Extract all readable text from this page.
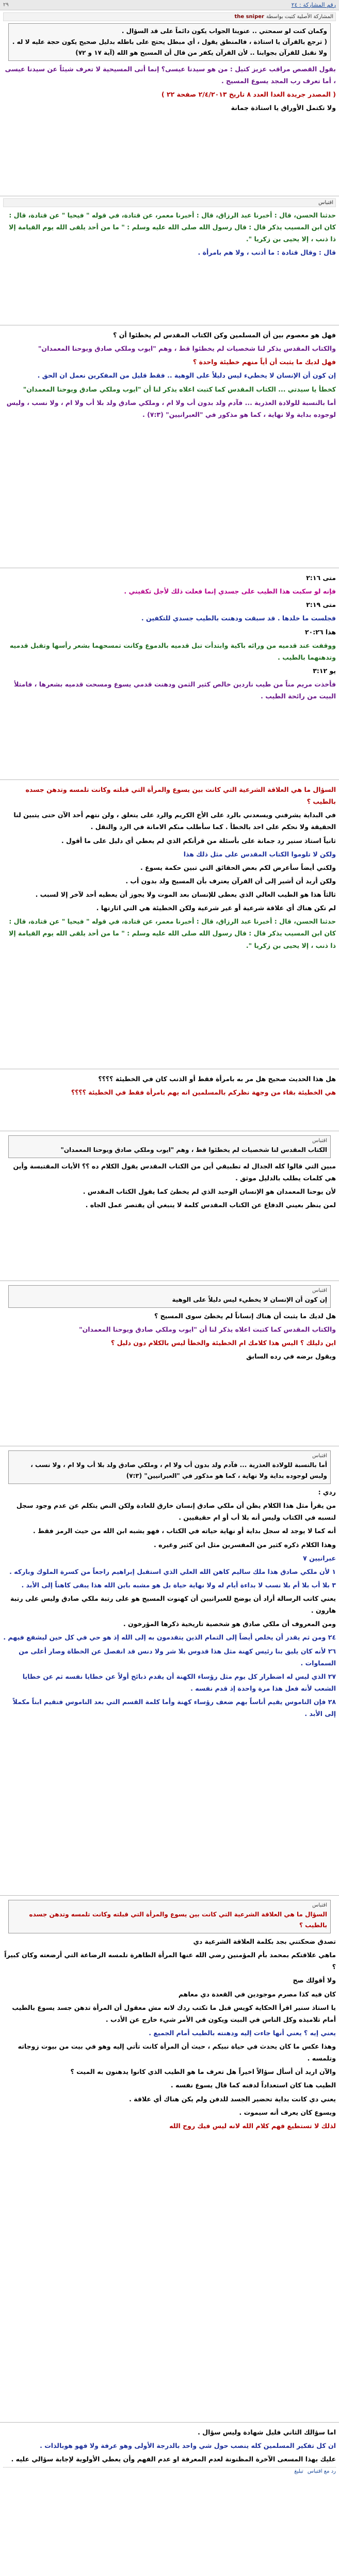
رقم المشاركة : ٢٤
٢٩
المشاركة الأصلية كتبت بواسطة
the sniper
وكمان كنت لو سمحتي .. عنوينا الجواب يكون دائماً على قد السؤال .
( ترجع بالقرآن يا استاذة ، فالمنطق يقول ، أي مبطل يحتج على باطله بدليل صحيح يكون حجة عليه لا له .
ولا نقبل للقرآن بجوابنا .. لأن القرآن يكفر من قال أن المسيح هو الله (آية ١٧ و ٧٢)
بقول القصص مراقب عزيز كتيل : من هو سيدنا عيسى؟ إنما أنى المسيحية لا تعرف شيئاً عن سيدنا عيسى ، أما تعرف رب المجد يسوع المسيح .
( المصدر جريدة الغدا العدد ٨ تاريخ ٢/٤/٢٠١٣ صفحة ٢٢ )
ولا تكتمل الأوراق يا استاذة جمانة
اقتباس
حدثنا الحسن، قال : أخبرنا عبد الرزاق، قال : أخبرنا معمر، عن قتادة، في قوله " فيحيا " عن قتادة، قال : كان ابن المسيب يذكر قال : قال رسول الله صلى الله عليه وسلم : " ما من أحد يلقى الله يوم القيامة إلا ذا ذنب ، إلا يحيى بن زكريا ".
قال : وقال قتادة : ما أذنب ، ولا هم بامرأة .
فهل هو معصوم بين أن المسلمين وكن الكتاب المقدس لم يخطئوا أن ؟
والكتاب المقدس يذكر لنا شخصيات لم يخطئوا قط ، وهم "ايوب وملكي صادق ويوحنا المعمدان"
فهل لديك ما يثبت أن أياً منهم خطيئة واحدة ؟
إن كون أن الإنسان لا يخطيء ليس دليلاً على الوهية .. فقط قليل من المفكرين نعمل ان الحق .
كخطأ يا سيدتي ... الكتاب المقدس كما كتبت اعلاه يذكر لنا أن "ايوب وملكي صادق ويوحنا المعمدان"
أما بالنسبة للولادة العذرية ... فآدم ولد بدون أب ولا ام ، وملكي صادق ولد بلا أب ولا ام ، ولا نسب ، وليس لوجوده بداية ولا نهاية ، كما هو مذكور في "العبرانيين" (٧:٣) .
متى ٢:١٦
فإنه لو سكبت هذا الطيب على جسدي إنما فعلت ذلك لأجل تكفيني .
متى ٢:١٩
فجلست ما خلدها . قد سبقت ودهنت بالطيب جسدي للتكفين .
هذا ٢٠:٢٦
ووقفت عند قدميه من ورائه باكية وابتدأت تبل قدميه بالدموع وكانت تمسحهما بشعر رأسها وتقبل قدميه وتدهنهما بالطيب .
يو ٣:١٢
فأخذت مريم مناً من طيب ناردين خالص كثير الثمن ودهنت قدمي يسوع ومسحت قدميه بشعرها ، فامتلأ البيت من رائحة الطيب .
السؤال ما هي العلاقة الشرعية التي كانت بين يسوع والمرأة التي قبلته وكانت تلمسه وتدهن جسده بالطيب ؟
في البداية يشرفني ويسعدني بالرد على الأخ الكريم والرد على يتعلق ، ولن نتهم أحد الآن حتى يتبين لنا الحقيقة ولا نحكم على احد بالخطأ . كما سأطلب منكم الامانة في الرد والنقل .
ثانياً استاذ سنير رد جمانة على بأسئلة من قرأنكم الذي لم يعطي أي دليل على ما أقول .
ولكن لا تلوموا الكتاب المقدس على مثل ذلك هذا
ولكني أيضاً سأعرض لكم بعض الحقائق التي تبين حكمة يسوع .
ولكن أريد أن أشير إلى أن القرآن يعترف بأن المسيح ولد بدون أب .
ثالثاً هذا هو الطيب العالي الذي يعطى للإنسان بعد الموت ولا يجوز أن يعطيه أحد لآخر إلا لسبب .
لم تكن هناك أي علاقة شرعية أو غير شرعية ولكن الخطيئة هي التي اثارتها .
حدثنا الحسن، قال : أخبرنا عبد الرزاق، قال : أخبرنا معمر، عن قتادة، في قوله " فيحيا " عن قتادة، قال : كان ابن المسيب يذكر قال : قال رسول الله صلى الله عليه وسلم : " ما من أحد يلقى الله يوم القيامة إلا ذا ذنب ، إلا يحيى بن زكريا ".
هل هذا الحديث صحيح هل مر به بامرأة فقط أو الذنب كان في الخطيئة ؟؟؟؟
هي الخطيئة بقاء من وجهة نظركم بالمسلمين انه يهم بامرأة فقط في الخطيئة ؟؟؟؟
اقتباس
الكتاب المقدس لنا شخصيات لم يخطئوا قط ، وهم "ايوب وملكي صادق ويوحنا المعمدان"
مبين التي قالوا كله الجدال له تطبيقي أين من الكتاب المقدس يقول الكلام ده ؟؟ الأيات المقتبسة وأين هي كلمات يطلب بالدليل موثق .
لأن يوحنا المعمدان هو الإنسان الوحيد الذي لم يخطئ كما يقول الكتاب المقدس .
لمن ينظر بعيني الدفاع عن الكتاب المقدس كلمة لا ينبغي أن يقتصر عمل الجاه .
اقتباس
إن كون أن الإنسان لا يخطيء ليس دليلاً على الوهية
هل لديك ما يثبت أن هناك إنساناً لم يخطئ سوى المسيح ؟
والكتاب المقدس كما كتبت اعلاه يذكر لنا أن "ايوب وملكي صادق ويوحنا المعمدان"
اين دليلك ؟ اليس هذا كلامك ام الخطيئة والخطأ ليس بالكلام دون دليل ؟
ويقول برضه في رده السابق
اقتباس
أما بالنسبة للولادة العذرية ... فآدم ولد بدون أب ولا ام ، وملكي صادق ولد بلا أب ولا ام ، ولا نسب ، وليس لوجوده بداية ولا نهاية ، كما هو مذكور في "العبرانيين" (٧:٣)
ردي :
من يقرأ مثل هذا الكلام يظن أن ملكي صادق إنسان خارق للعادة ولكن النص يتكلم عن عدم وجود سجل لنسبه في الكتاب وليس أنه بلا أب أو ام حقيقيين .
أنه كما لا يوجد له سجل بداية أو نهاية حياته في الكتاب ، فهو يشبه ابن الله من حيث الرمز فقط .
وهذا الكلام ذكره كثير من المفسرين مثل ابن كثير وغيره .
عبرانيين ٧
١ لأن ملكي صادق هذا ملك ساليم كاهن الله العلي الذي استقبل إبراهيم راجعاً من كسرة الملوك وباركه .
٣ بلا أب بلا أم بلا نسب لا بداءة أيام له ولا نهاية حياة بل هو مشبه بابن الله هذا يبقى كاهناً إلى الأبد .
يعني كاتب الرسالة أراد أن يوضح للعبرانيين أن كهنوت المسيح هو على رتبة ملكي صادق وليس على رتبة هارون .
ومن المعروف أن ملكي صادق هو شخصية تاريخية ذكرها المؤرخون .
٢٤ ومن ثم يقدر أن يخلص أيضاً إلى التمام الذين يتقدمون به إلى الله إذ هو حي في كل حين ليشفع فيهم .
٢٦ لأنه كان يليق بنا رئيس كهنة مثل هذا قدوس بلا شر ولا دنس قد انفصل عن الخطاة وصار أعلى من السماوات .
٢٧ الذي ليس له اضطرار كل يوم مثل رؤساء الكهنة أن يقدم ذبائح أولاً عن خطايا نفسه ثم عن خطايا الشعب لأنه فعل هذا مرة واحدة إذ قدم نفسه .
٢٨ فإن الناموس يقيم أناساً بهم ضعف رؤساء كهنة وأما كلمة القسم التي بعد الناموس فتقيم ابناً مكملاً إلى الأبد .
اقتباس
السؤال ما هي العلاقة الشرعية التي كانت بين يسوع والمرأة التي قبلته وكانت تلمسه وتدهن جسده بالطيب ؟
تصدق ضحكتني بجد بكلمة العلاقة الشرعية دي
ماهي علاقتكم بمحمد بأم المؤمنين رضي الله عنها المرأة الطاهرة تلمسه الرضاعة التي أرضعته وكان كبيراً ؟
ولا أقولك صح
كان فيه كذا مصرم موجودين في القعدة دي معاهم
يا استاذ سنير اقرأ الحكاية كويس قبل ما تكتب ردك لانه مش معقول أن المرأة تدهن جسد يسوع بالطيب أمام تلاميذه وكل الناس في البيت ويكون في الأمر شيء خارج عن الأدب .
يعني إيه ؟ يعني أنها جاءت إليه ودهنته بالطيب أمام الجميع .
وهذا عكس ما كان يحدث في حياة نبيكم ، حيث أن المرأة كانت تأتي إليه وهو في بيت من بيوت زوجاته وتلمسه .
والآن اريد أن أسأل سؤالاً اخيراً هل تعرف ما هو الطيب الذي كانوا يدهنون به الميت ؟
الطيب هنا كان استعداداً لدفنه كما قال يسوع نفسه .
يعني دي كانت بداية تحضير الجسد للدفن ولم يكن هناك أي علاقة .
ويسوع كان يعرف أنه سيموت .
لذلك لا تستطيع فهم كلام الله لانه ليس فيك روح الله
اما سؤالك الثاني فليل شهادة وليس سؤال .
ان كل تفكير المسلمين كله ينصب حول شي واحد بالدرجة الأولى وهو عرفة ولا فهو هوبالذات .
عليك بهذا المسعى الآخرة المظنونة لعدم المعرفة او عدم الفهم وأن يعطي الأولوية لإجابة سؤالي عليه .
رد مع اقتباس
تبليغ
